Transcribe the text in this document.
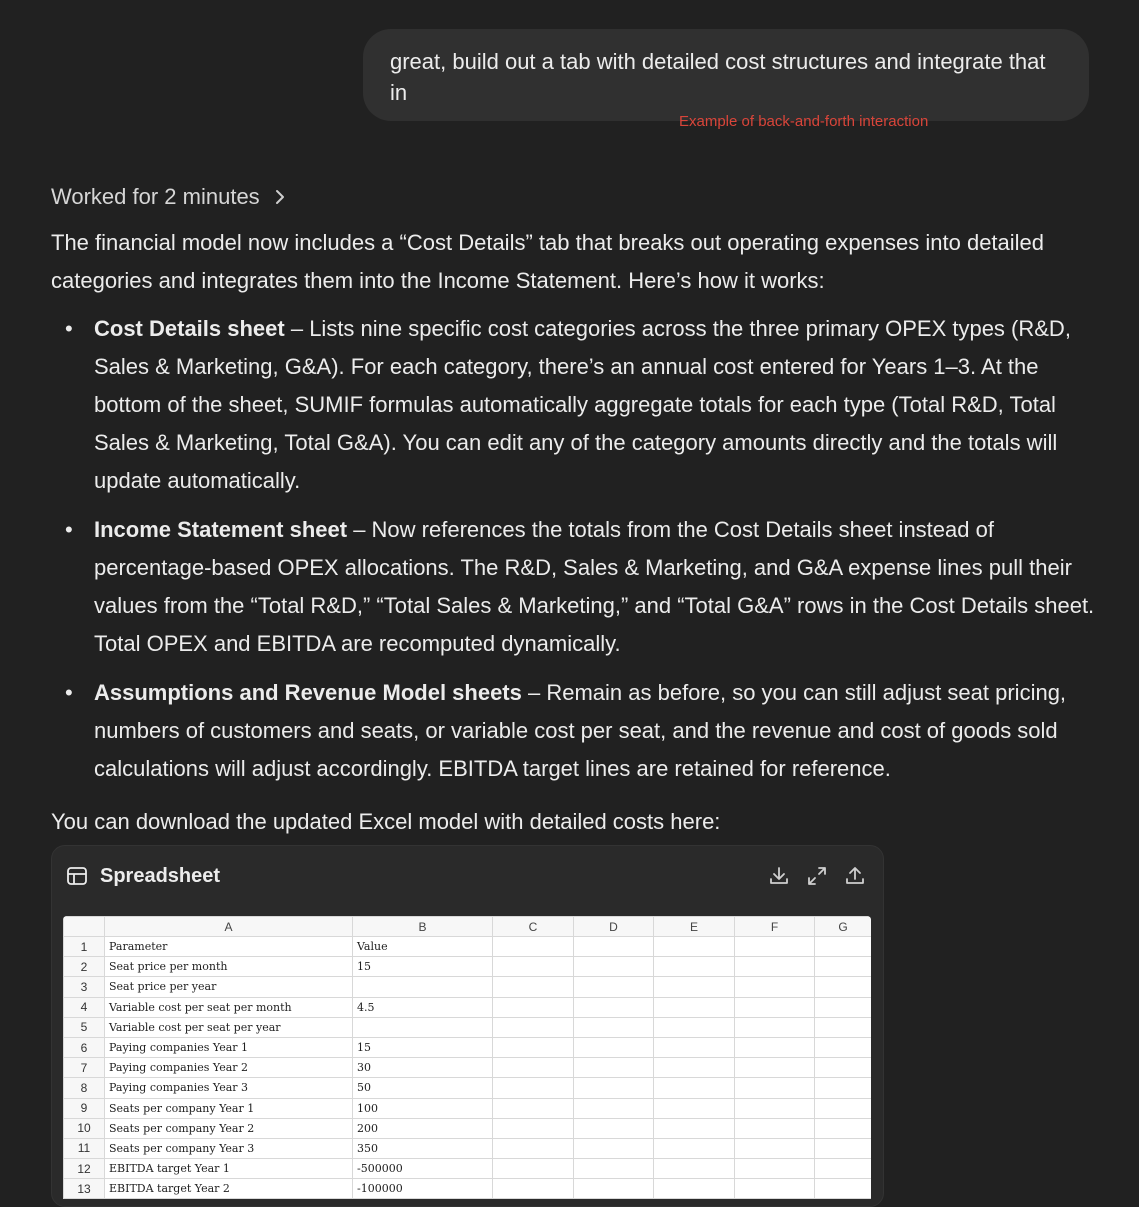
great, build out a tab with detailed cost structures and integrate that in
Example of back-and-forth interaction
Worked for 2 minutes

The financial model now includes a “Cost Details” tab that breaks out operating expenses into detailed categories and integrates them into the Income Statement. Here’s how it works:

• Cost Details sheet – Lists nine specific cost categories across the three primary OPEX types (R&D, Sales & Marketing, G&A). For each category, there’s an annual cost entered for Years 1–3. At the bottom of the sheet, SUMIF formulas automatically aggregate totals for each type (Total R&D, Total Sales & Marketing, Total G&A). You can edit any of the category amounts directly and the totals will update automatically.
• Income Statement sheet – Now references the totals from the Cost Details sheet instead of percentage-based OPEX allocations. The R&D, Sales & Marketing, and G&A expense lines pull their values from the “Total R&D,” “Total Sales & Marketing,” and “Total G&A” rows in the Cost Details sheet. Total OPEX and EBITDA are recomputed dynamically.
• Assumptions and Revenue Model sheets – Remain as before, so you can still adjust seat pricing, numbers of customers and seats, or variable cost per seat, and the revenue and cost of goods sold calculations will adjust accordingly. EBITDA target lines are retained for reference.

You can download the updated Excel model with detailed costs here:

Spreadsheet
	A	B	C	D	E	F	G
1	Parameter	Value					
2	Seat price per month	15					
3	Seat price per year						
4	Variable cost per seat per month	4.5					
5	Variable cost per seat per year						
6	Paying companies Year 1	15					
7	Paying companies Year 2	30					
8	Paying companies Year 3	50					
9	Seats per company Year 1	100					
10	Seats per company Year 2	200					
11	Seats per company Year 3	350					
12	EBITDA target Year 1	-500000					
13	EBITDA target Year 2	-100000					
